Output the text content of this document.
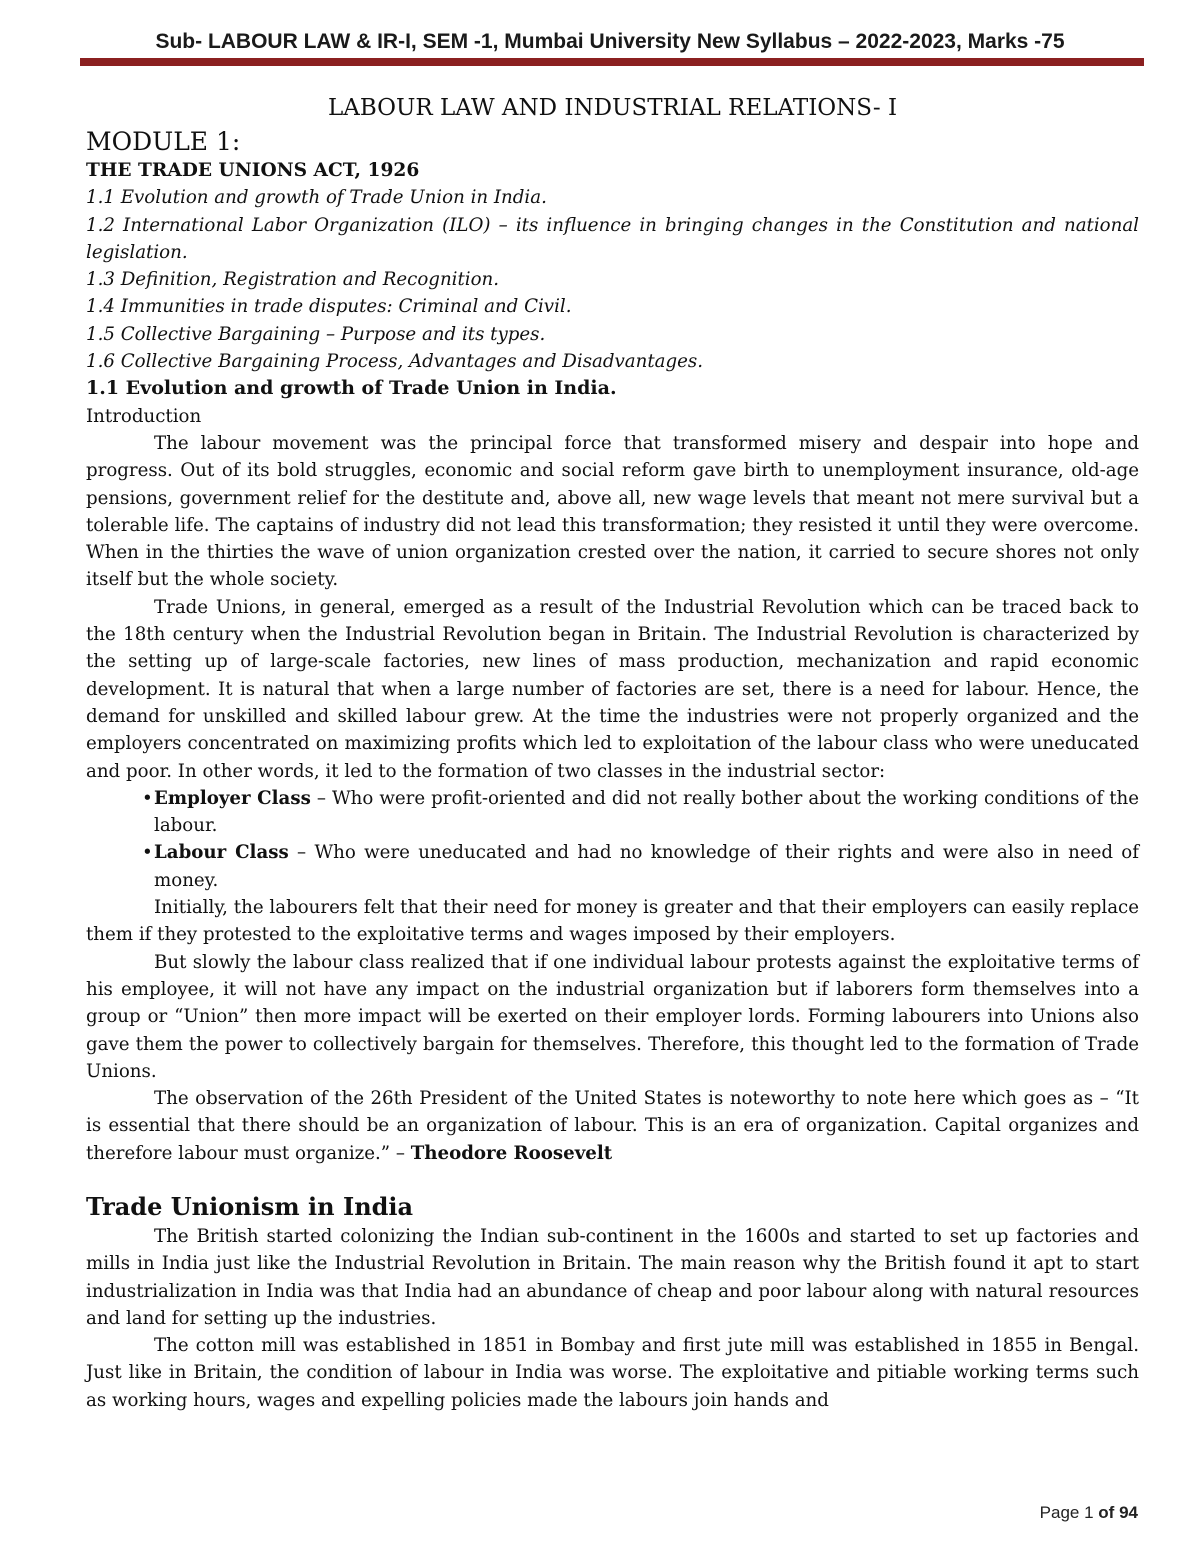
Sub- LABOUR LAW & IR-I, SEM -1, Mumbai University New Syllabus – 2022-2023, Marks -75
LABOUR LAW AND INDUSTRIAL RELATIONS- I
MODULE 1:

THE TRADE UNIONS ACT, 1926

1.1 Evolution and growth of Trade Union in India.

1.2 International Labor Organization (ILO) – its influence in bringing changes in the Constitution and national legislation.

1.3 Definition, Registration and Recognition.

1.4 Immunities in trade disputes: Criminal and Civil.

1.5 Collective Bargaining – Purpose and its types.

1.6 Collective Bargaining Process, Advantages and Disadvantages.

1.1 Evolution and growth of Trade Union in India.

Introduction

The labour movement was the principal force that transformed misery and despair into hope and progress. Out of its bold struggles, economic and social reform gave birth to unemployment insurance, old-age pensions, government relief for the destitute and, above all, new wage levels that meant not mere survival but a tolerable life. The captains of industry did not lead this transformation; they resisted it until they were overcome. When in the thirties the wave of union organization crested over the nation, it carried to secure shores not only itself but the whole society.

Trade Unions, in general, emerged as a result of the Industrial Revolution which can be traced back to the 18th century when the Industrial Revolution began in Britain. The Industrial Revolution is characterized by the setting up of large-scale factories, new lines of mass production, mechanization and rapid economic development. It is natural that when a large number of factories are set, there is a need for labour. Hence, the demand for unskilled and skilled labour grew. At the time the industries were not properly organized and the employers concentrated on maximizing profits which led to exploitation of the labour class who were uneducated and poor. In other words, it led to the formation of two classes in the industrial sector:

•Employer Class – Who were profit-oriented and did not really bother about the working conditions of the labour.
•Labour Class – Who were uneducated and had no knowledge of their rights and were also in need of money.

Initially, the labourers felt that their need for money is greater and that their employers can easily replace them if they protested to the exploitative terms and wages imposed by their employers.

But slowly the labour class realized that if one individual labour protests against the exploitative terms of his employee, it will not have any impact on the industrial organization but if laborers form themselves into a group or “Union” then more impact will be exerted on their employer lords. Forming labourers into Unions also gave them the power to collectively bargain for themselves. Therefore, this thought led to the formation of Trade Unions.

The observation of the 26th President of the United States is noteworthy to note here which goes as – “It is essential that there should be an organization of labour. This is an era of organization. Capital organizes and therefore labour must organize.” – Theodore Roosevelt

Trade Unionism in India

The British started colonizing the Indian sub-continent in the 1600s and started to set up factories and mills in India just like the Industrial Revolution in Britain. The main reason why the British found it apt to start industrialization in India was that India had an abundance of cheap and poor labour along with natural resources and land for setting up the industries.

The cotton mill was established in 1851 in Bombay and first jute mill was established in 1855 in Bengal. Just like in Britain, the condition of labour in India was worse. The exploitative and pitiable working terms such as working hours, wages and expelling policies made the labours join hands and

Page 1 of 94
